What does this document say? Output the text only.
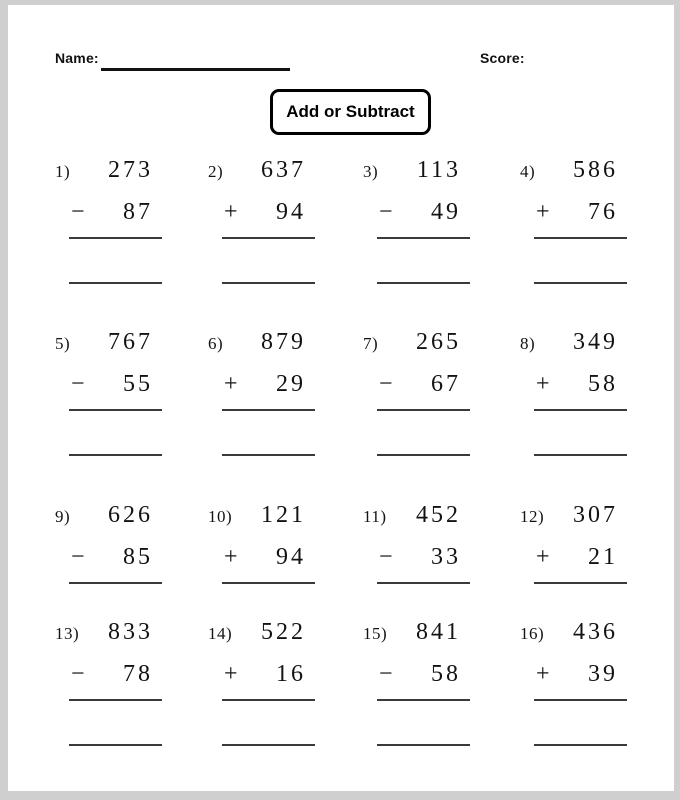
Name:	Score:
Add or Subtract
1)	273
−	87
2)	637
+	94
3)	113
−	49
4)	586
+	76
5)	767
−	55
6)	879
+	29
7)	265
−	67
8)	349
+	58
9)	626
−	85
10)	121
+	94
11)	452
−	33
12)	307
+	21
13)	833
−	78
14)	522
+	16
15)	841
−	58
16)	436
+	39
